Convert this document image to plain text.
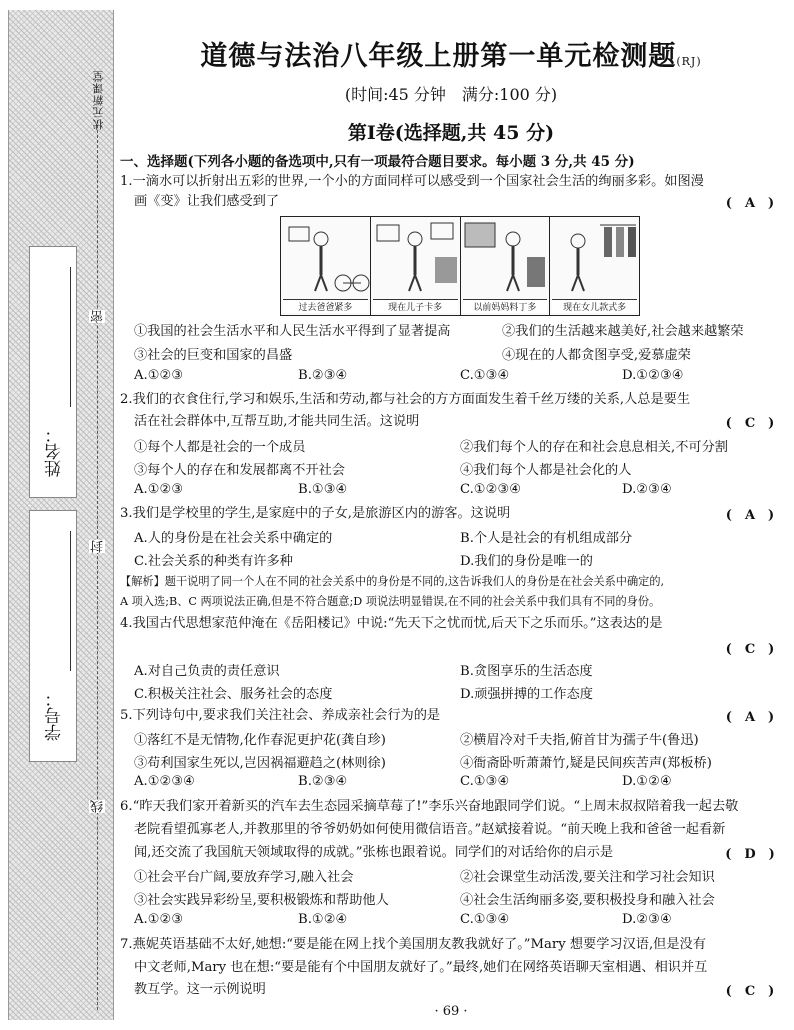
姓名：
学号：
状元新课堂
密
封
线
道德与法治八年级上册第一单元检测题(RJ)
(时间:45 分钟　满分:100 分)
第Ⅰ卷(选择题,共 45 分)
一、选择题(下列各小题的备选项中,只有一项最符合题目要求。每小题 3 分,共 45 分)
1.一滴水可以折射出五彩的世界,一个小的方面同样可以感受到一个国家社会生活的绚丽多彩。如图漫
画《变》让我们感受到了	(　A　)
过去爸爸紧多	现在儿子卡多	以前妈妈料丁多	现在女儿款式多
①我国的社会生活水平和人民生活水平得到了显著提高	②我们的生活越来越美好,社会越来越繁荣
③社会的巨变和国家的昌盛	④现在的人都贪图享受,爱慕虚荣
A.①②③	B.②③④	C.①③④	D.①②③④
2.我们的衣食住行,学习和娱乐,生活和劳动,都与社会的方方面面发生着千丝万缕的关系,人总是要生
活在社会群体中,互帮互助,才能共同生活。这说明	(　C　)
①每个人都是社会的一个成员	②我们每个人的存在和社会息息相关,不可分割
③每个人的存在和发展都离不开社会	④我们每个人都是社会化的人
A.①②③	B.①③④	C.①②③④	D.②③④
3.我们是学校里的学生,是家庭中的子女,是旅游区内的游客。这说明	(　A　)
A.人的身份是在社会关系中确定的	B.个人是社会的有机组成部分
C.社会关系的种类有许多种	D.我们的身份是唯一的
【解析】题干说明了同一个人在不同的社会关系中的身份是不同的,这告诉我们人的身份是在社会关系中确定的,
A 项入选;B、C 两项说法正确,但是不符合题意;D 项说法明显错误,在不同的社会关系中我们具有不同的身份。
4.我国古代思想家范仲淹在《岳阳楼记》中说:“先天下之忧而忧,后天下之乐而乐。”这表达的是
(　C　)
A.对自己负责的责任意识	B.贪图享乐的生活态度
C.积极关注社会、服务社会的态度	D.顽强拼搏的工作态度
5.下列诗句中,要求我们关注社会、养成亲社会行为的是	(　A　)
①落红不是无情物,化作春泥更护花(龚自珍)	②横眉冷对千夫指,俯首甘为孺子牛(鲁迅)
③苟利国家生死以,岂因祸福避趋之(林则徐)	④衙斋卧听萧萧竹,疑是民间疾苦声(郑板桥)
A.①②③④	B.②③④	C.①③④	D.①②④
6.“昨天我们家开着新买的汽车去生态园采摘草莓了!”李乐兴奋地跟同学们说。“上周末叔叔陪着我一起去敬
老院看望孤寡老人,并教那里的爷爷奶奶如何使用微信语音。”赵斌接着说。“前天晚上我和爸爸一起看新
闻,还交流了我国航天领域取得的成就。”张栋也跟着说。同学们的对话给你的启示是	(　D　)
①社会平台广阔,要放弃学习,融入社会	②社会课堂生动活泼,要关注和学习社会知识
③社会实践异彩纷呈,要积极锻炼和帮助他人	④社会生活绚丽多姿,要积极投身和融入社会
A.①②③	B.①②④	C.①③④	D.②③④
7.燕妮英语基础不太好,她想:“要是能在网上找个美国朋友教我就好了。”Mary 想要学习汉语,但是没有
中文老师,Mary 也在想:“要是能有个中国朋友就好了。”最终,她们在网络英语聊天室相遇、相识并互
教互学。这一示例说明	(　C　)
· 69 ·
